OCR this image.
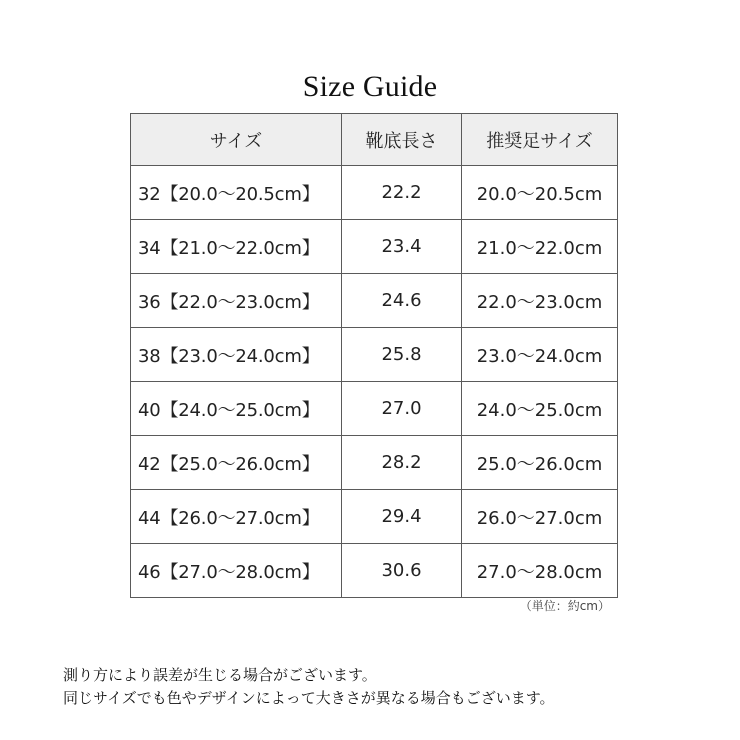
Size Guide
サイズ	靴底長さ	推奨足サイズ
32【20.0～20.5cm】	22.2	20.0～20.5cm
34【21.0～22.0cm】	23.4	21.0～22.0cm
36【22.0～23.0cm】	24.6	22.0～23.0cm
38【23.0～24.0cm】	25.8	23.0～24.0cm
40【24.0～25.0cm】	27.0	24.0～25.0cm
42【25.0～26.0cm】	28.2	25.0～26.0cm
44【26.0～27.0cm】	29.4	26.0～27.0cm
46【27.0～28.0cm】	30.6	27.0～28.0cm
（単位：約cm）
測り方により誤差が生じる場合がございます。
同じサイズでも色やデザインによって大きさが異なる場合もございます。
